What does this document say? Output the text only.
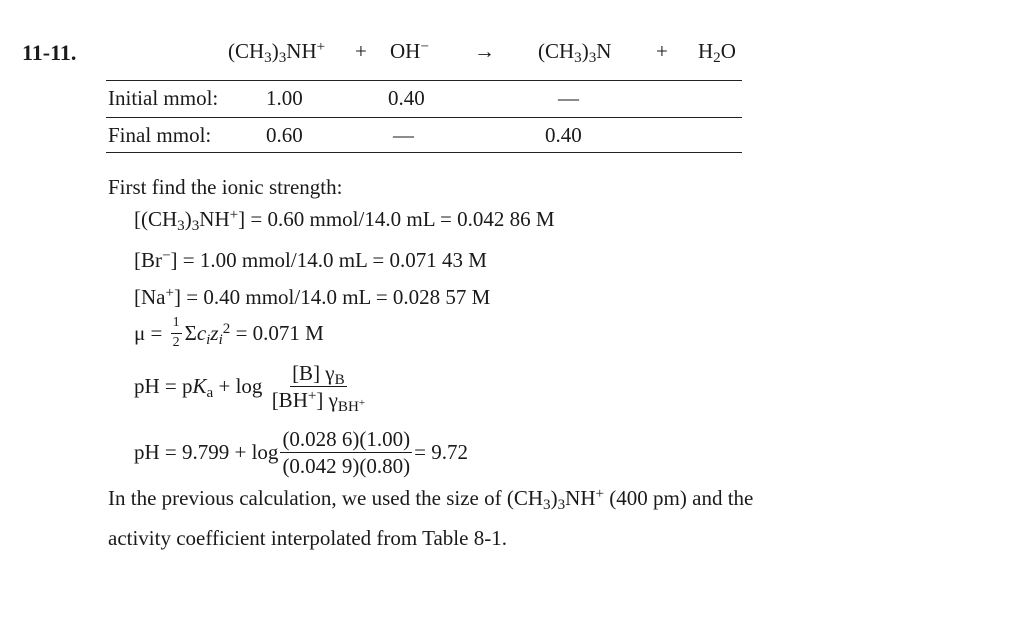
11-11.	$(CH_3)_3NH^+ + OH^- \to (CH_3)_3N + H_2O$
Initial mmol: 1.00	0.40	—
Final mmol:	0.60	—	0.40
First find the ionic strength:
$[(CH_3)_3NH^+] = 0.60$ mmol/14.0 mL = 0.042 86 M
[Br−] = 1.00 mmol/14.0 mL = 0.071 43 M
[Na+] = 0.40 mmol/14.0 mL = 0.028 57 M
$\mu = \frac{1}{2} \Sigma c_iz_i^2 = 0.071$ M
pH = p $K_a + \log \frac{[B] \gamma_B}{[BH^+] \gamma_{BH^+}}$
pH = $9.799 + \log \frac{(0.028 6)(1.00)}{(0.042 9)(0.80)} = 9.72$
In the previous calculation, we used the size of $(CH_3)_3NH^+$ (400 pm) and the
activity coefficient interpolated from Table 8-1.
